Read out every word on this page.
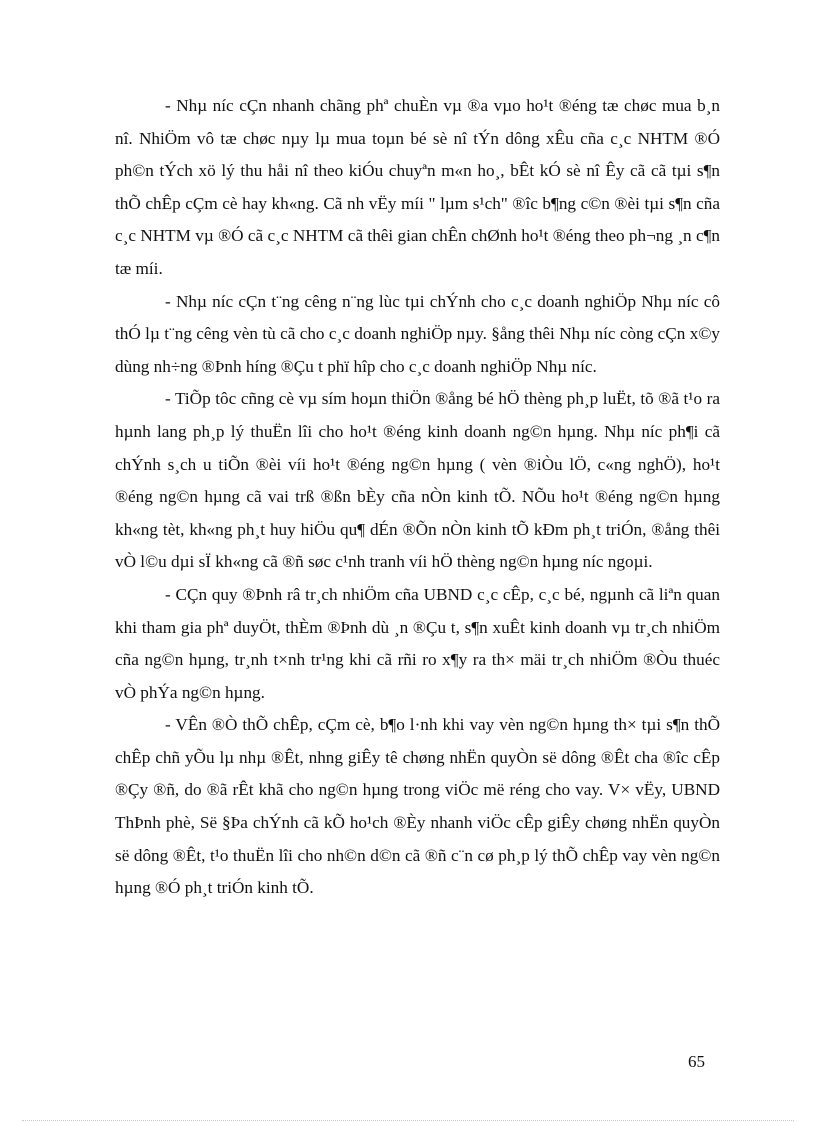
- Nhµ níc cÇn nhanh chãng phª chuÈn vµ ®a vµo ho¹t ®éng tæ chøc mua b¸n nî. NhiÖm vô tæ chøc nµy lµ mua toµn bé sè nî tÝn dông xÊu cña c¸c NHTM ®Ó ph©n tÝch xö lý thu håi nî theo kiÓu chuyªn m«n ho¸, bÊt kÓ sè nî Êy cã cã tµi s¶n thÕ chÊp cÇm cè hay kh«ng. Cã nh vËy míi " lµm s¹ch" ®îc b¶ng c©n ®èi tµi s¶n cña c¸c NHTM vµ ®Ó cã c¸c NHTM cã thêi gian chÊn chØnh ho¹t ®éng theo ph¬ng ¸n c¶n tæ míi.

- Nhµ níc cÇn t¨ng cêng n¨ng lùc tµi chÝnh cho c¸c doanh nghiÖp Nhµ níc cô thÓ lµ t¨ng cêng vèn tù cã cho c¸c doanh nghiÖp nµy. §ång thêi Nhµ níc còng cÇn x©y dùng nh÷ng ®Þnh híng ®Çu t phï hîp cho c¸c doanh nghiÖp Nhµ níc.

- TiÕp tôc cñng cè vµ sím hoµn thiÖn ®ång bé hÖ thèng ph¸p luËt, tõ ®ã t¹o ra hµnh lang ph¸p lý thuËn lîi cho ho¹t ®éng kinh doanh ng©n hµng. Nhµ níc ph¶i cã chÝnh s¸ch u tiÕn ®èi víi ho¹t ®éng ng©n hµng ( vèn ®iÒu lÖ, c«ng nghÖ), ho¹t ®éng ng©n hµng cã vai trß ®ßn bÈy cña nÒn kinh tÕ. NÕu ho¹t ®éng ng©n hµng kh«ng tèt, kh«ng ph¸t huy hiÖu qu¶ dÉn ®Õn nÒn kinh tÕ kÐm ph¸t triÓn, ®ång thêi vÒ l©u dµi sÏ kh«ng cã ®ñ søc c¹nh tranh víi hÖ thèng ng©n hµng níc ngoµi.

- CÇn quy ®Þnh râ tr¸ch nhiÖm cña UBND c¸c cÊp, c¸c bé, ngµnh cã liªn quan khi tham gia phª duyÖt, thÈm ®Þnh dù ¸n ®Çu t, s¶n xuÊt kinh doanh vµ tr¸ch nhiÖm cña ng©n hµng, tr¸nh t×nh tr¹ng khi cã rñi ro x¶y ra th× mäi tr¸ch nhiÖm ®Òu thuéc vÒ phÝa ng©n hµng.

- VÊn ®Ò thÕ chÊp, cÇm cè, b¶o l·nh khi vay vèn ng©n hµng th× tµi s¶n thÕ chÊp chñ yÕu lµ nhµ ®Êt, nhng giÊy tê chøng nhËn quyÒn së dông ®Êt cha ®îc cÊp ®Çy ®ñ, do ®ã rÊt khã cho ng©n hµng trong viÖc më réng cho vay. V× vËy, UBND ThÞnh phè, Së §Þa chÝnh cã kÕ ho¹ch ®Èy nhanh viÖc cÊp giÊy chøng nhËn quyÒn së dông ®Êt, t¹o thuËn lîi cho nh©n d©n cã ®ñ c¨n cø ph¸p lý thÕ chÊp vay vèn ng©n hµng ®Ó ph¸t triÓn kinh tÕ.

65
